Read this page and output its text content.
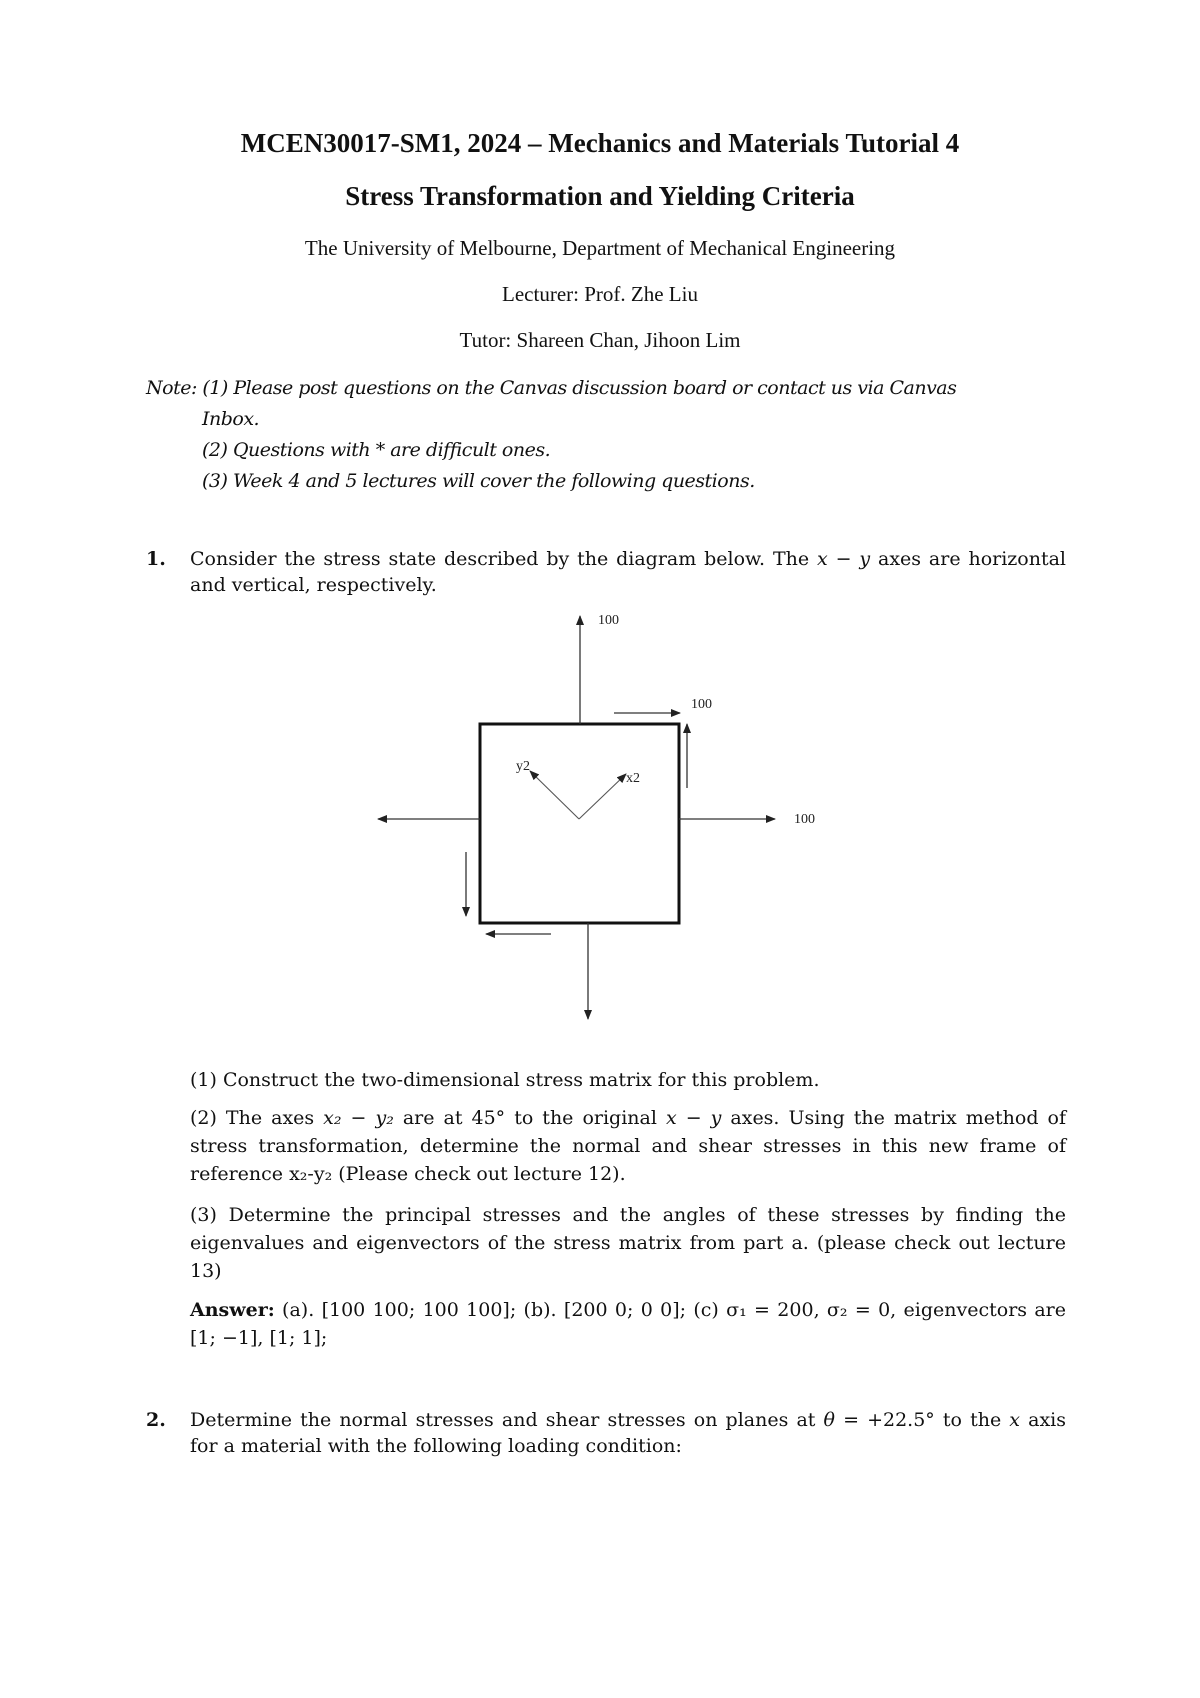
MCEN30017-SM1, 2024 – Mechanics and Materials Tutorial 4
Stress Transformation and Yielding Criteria
The University of Melbourne, Department of Mechanical Engineering
Lecturer: Prof. Zhe Liu
Tutor: Shareen Chan, Jihoon Lim
Note: (1) Please post questions on the Canvas discussion board or contact us via Canvas
Inbox.
(2) Questions with * are difficult ones.
(3) Week 4 and 5 lectures will cover the following questions.
1. Consider the stress state described by the diagram below. The x − y axes are horizontal and vertical, respectively.
100
100
100
y2
x2
(1) Construct the two-dimensional stress matrix for this problem.
(2) The axes x₂ − y₂ are at 45° to the original x − y axes. Using the matrix method of stress transformation, determine the normal and shear stresses in this new frame of reference x₂-y₂ (Please check out lecture 12).
(3) Determine the principal stresses and the angles of these stresses by finding the eigenvalues and eigenvectors of the stress matrix from part a. (please check out lecture 13)
Answer: (a). [100 100; 100 100]; (b). [200 0; 0 0]; (c) σ₁ = 200, σ₂ = 0, eigenvectors are [1; −1], [1; 1];
2. Determine the normal stresses and shear stresses on planes at θ = +22.5° to the x axis for a material with the following loading condition:
